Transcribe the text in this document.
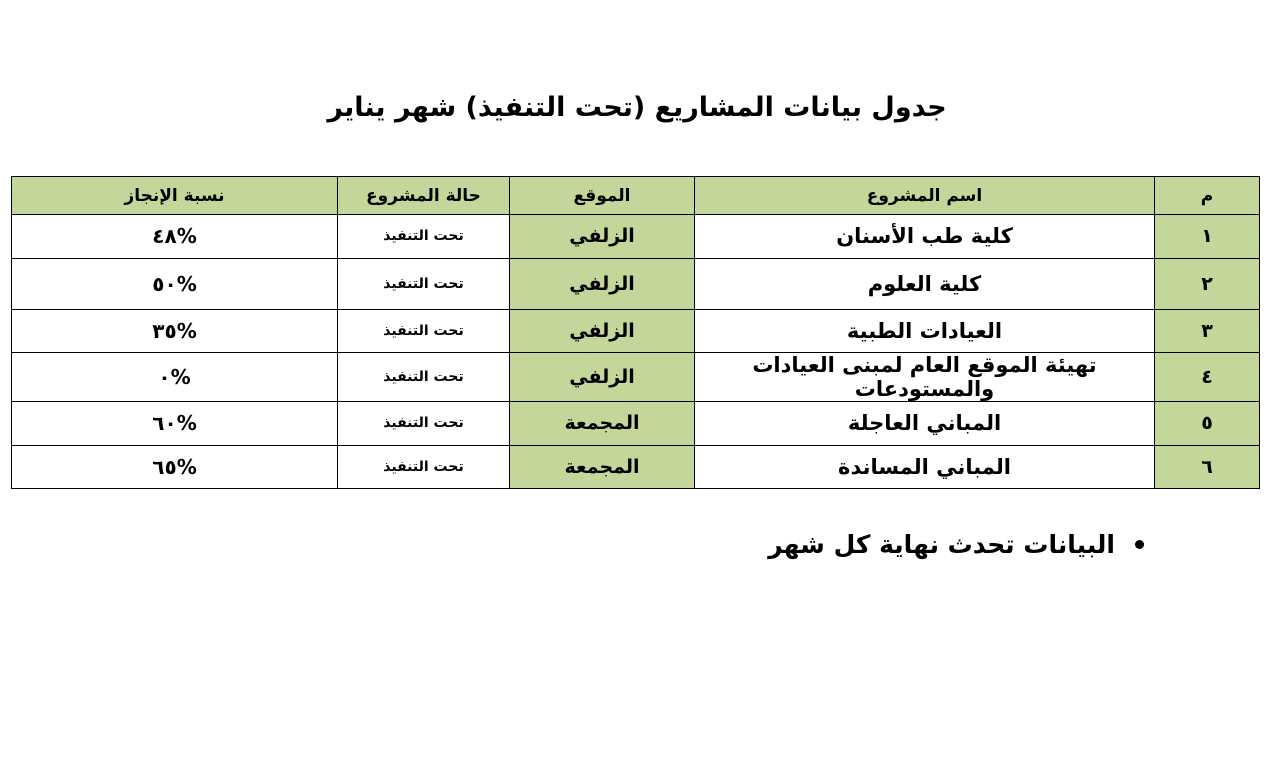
جدول بيانات المشاريع (تحت التنفيذ) شهر يناير
م	اسم المشروع	الموقع	حالة المشروع	نسبة الإنجاز
١	كلية طب الأسنان	الزلفي	تحت التنفيذ	%٤٨
٢	كلية العلوم	الزلفي	تحت التنفيذ	%٥٠
٣	العيادات الطبية	الزلفي	تحت التنفيذ	%٣٥
٤	تهيئة الموقع العام لمبنى العيادات والمستودعات	الزلفي	تحت التنفيذ	%٠
٥	المباني العاجلة	المجمعة	تحت التنفيذ	%٦٠
٦	المباني المساندة	المجمعة	تحت التنفيذ	%٦٥
البيانات تحدث نهاية كل شهر
